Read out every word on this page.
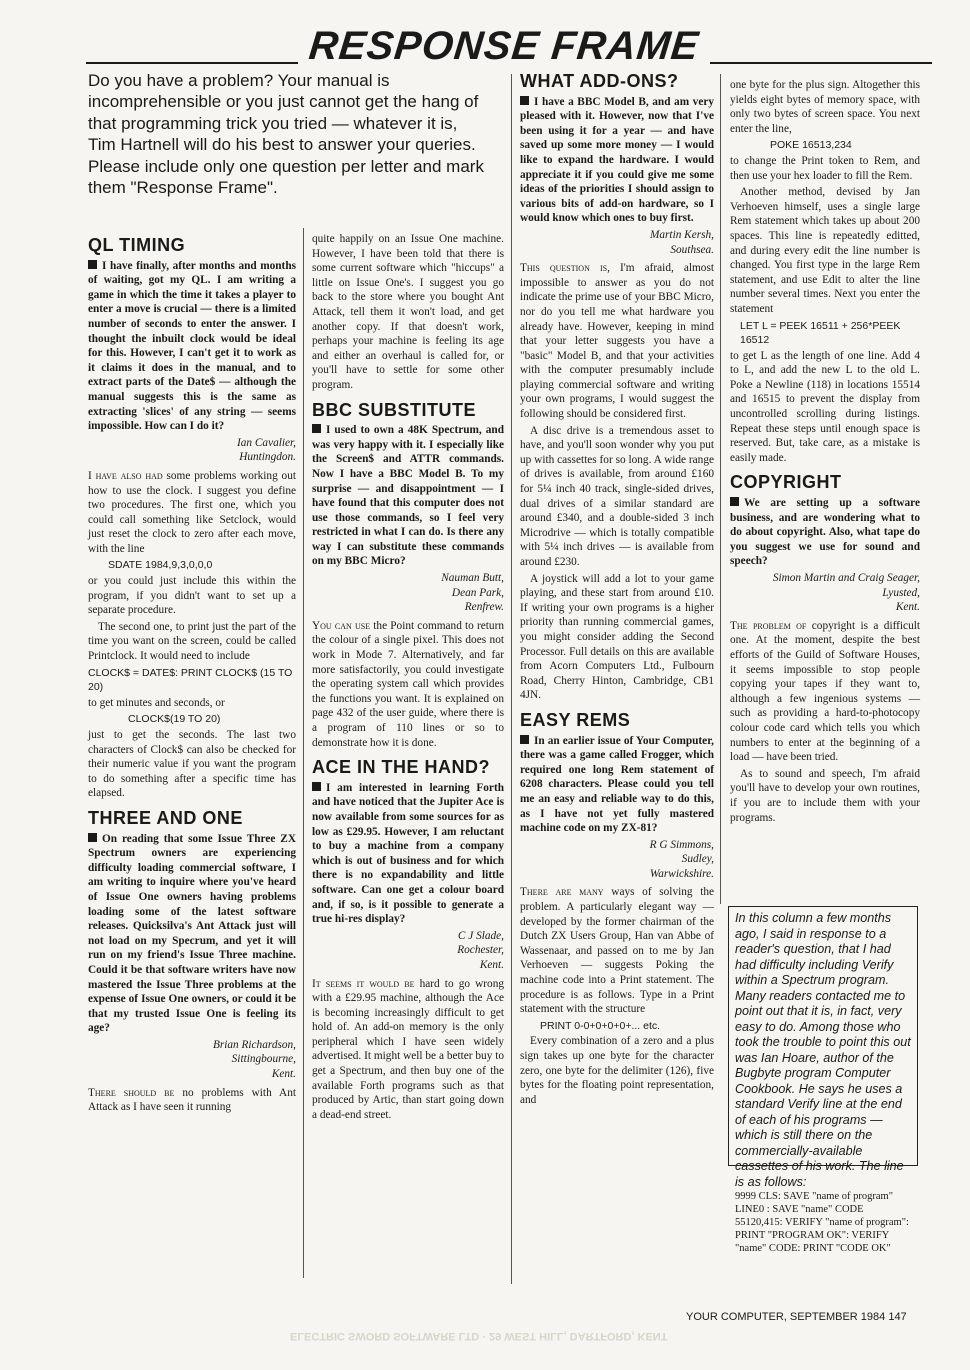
RESPONSE FRAME
Do you have a problem? Your manual is incomprehensible or you just cannot get the hang of that programming trick you tried — whatever it is, Tim Hartnell will do his best to answer your queries. Please include only one question per letter and mark them "Response Frame".
QL TIMING

I have finally, after months and months of waiting, got my QL. I am writing a game in which the time it takes a player to enter a move is crucial — there is a limited number of seconds to enter the answer. I thought the inbuilt clock would be ideal for this. However, I can't get it to work as it claims it does in the manual, and to extract parts of the Date$ — although the manual suggests this is the same as extracting 'slices' of any string — seems impossible. How can I do it?

Ian Cavalier,
Huntingdon.

I have also had some problems working out how to use the clock. I suggest you define two procedures. The first one, which you could call something like Setclock, would just reset the clock to zero after each move, with the line

SDATE 1984,9,3,0,0,0

or you could just include this within the program, if you didn't want to set up a separate procedure.

The second one, to print just the part of the time you want on the screen, could be called Printclock. It would need to include

CLOCK$ = DATE$: PRINT CLOCK$ (15 TO 20)

to get minutes and seconds, or

CLOCK$(19 TO 20)

just to get the seconds. The last two characters of Clock$ can also be checked for their numeric value if you want the program to do something after a specific time has elapsed.

THREE AND ONE

On reading that some Issue Three ZX Spectrum owners are experiencing difficulty loading commercial software, I am writing to inquire where you've heard of Issue One owners having problems loading some of the latest software releases. Quicksilva's Ant Attack just will not load on my Specrum, and yet it will run on my friend's Issue Three machine. Could it be that software writers have now mastered the Issue Three problems at the expense of Issue One owners, or could it be that my trusted Issue One is feeling its age?

Brian Richardson,
Sittingbourne,
Kent.

There should be no problems with Ant Attack as I have seen it running

quite happily on an Issue One machine. However, I have been told that there is some current software which "hiccups" a little on Issue One's. I suggest you go back to the store where you bought Ant Attack, tell them it won't load, and get another copy. If that doesn't work, perhaps your machine is feeling its age and either an overhaul is called for, or you'll have to settle for some other program.

BBC SUBSTITUTE

I used to own a 48K Spectrum, and was very happy with it. I especially like the Screen$ and ATTR commands. Now I have a BBC Model B. To my surprise — and disappointment — I have found that this computer does not use those commands, so I feel very restricted in what I can do. Is there any way I can substitute these commands on my BBC Micro?

Nauman Butt,
Dean Park,
Renfrew.

You can use the Point command to return the colour of a single pixel. This does not work in Mode 7. Alternatively, and far more satisfactorily, you could investigate the operating system call which provides the functions you want. It is explained on page 432 of the user guide, where there is a program of 110 lines or so to demonstrate how it is done.

ACE IN THE HAND?

I am interested in learning Forth and have noticed that the Jupiter Ace is now available from some sources for as low as £29.95. However, I am reluctant to buy a machine from a company which is out of business and for which there is no expandability and little software. Can one get a colour board and, if so, is it possible to generate a true hi-res display?

C J Slade,
Rochester,
Kent.

It seems it would be hard to go wrong with a £29.95 machine, although the Ace is becoming increasingly difficult to get hold of. An add-on memory is the only peripheral which I have seen widely advertised. It might well be a better buy to get a Spectrum, and then buy one of the available Forth programs such as that produced by Artic, than start going down a dead-end street.

WHAT ADD-ONS?

I have a BBC Model B, and am very pleased with it. However, now that I've been using it for a year — and have saved up some more money — I would like to expand the hardware. I would appreciate it if you could give me some ideas of the priorities I should assign to various bits of add-on hardware, so I would know which ones to buy first.

Martin Kersh,
Southsea.

This question is, I'm afraid, almost impossible to answer as you do not indicate the prime use of your BBC Micro, nor do you tell me what hardware you already have. However, keeping in mind that your letter suggests you have a "basic" Model B, and that your activities with the computer presumably include playing commercial software and writing your own programs, I would suggest the following should be considered first.

A disc drive is a tremendous asset to have, and you'll soon wonder why you put up with cassettes for so long. A wide range of drives is available, from around £160 for 5¼ inch 40 track, single-sided drives, dual drives of a similar standard are around £340, and a double-sided 3 inch Microdrive — which is totally compatible with 5¼ inch drives — is available from around £230.

A joystick will add a lot to your game playing, and these start from around £10. If writing your own programs is a higher priority than running commercial games, you might consider adding the Second Processor. Full details on this are available from Acorn Computers Ltd., Fulbourn Road, Cherry Hinton, Cambridge, CB1 4JN.

EASY REMS

In an earlier issue of Your Computer, there was a game called Frogger, which required one long Rem statement of 6208 characters. Please could you tell me an easy and reliable way to do this, as I have not yet fully mastered machine code on my ZX-81?

R G Simmons,
Sudley,
Warwickshire.

There are many ways of solving the problem. A particularly elegant way — developed by the former chairman of the Dutch ZX Users Group, Han van Abbe of Wassenaar, and passed on to me by Jan Verhoeven — suggests Poking the machine code into a Print statement. The procedure is as follows. Type in a Print statement with the structure

PRINT 0-0+0+0+0+... etc.

Every combination of a zero and a plus sign takes up one byte for the character zero, one byte for the delimiter (126), five bytes for the floating point representation, and

one byte for the plus sign. Altogether this yields eight bytes of memory space, with only two bytes of screen space. You next enter the line,

POKE 16513,234

to change the Print token to Rem, and then use your hex loader to fill the Rem.

Another method, devised by Jan Verhoeven himself, uses a single large Rem statement which takes up about 200 spaces. This line is repeatedly editted, and during every edit the line number is changed. You first type in the large Rem statement, and use Edit to alter the line number several times. Next you enter the statement

LET L = PEEK 16511 + 256*PEEK 16512

to get L as the length of one line. Add 4 to L, and add the new L to the old L. Poke a Newline (118) in locations 15514 and 16515 to prevent the display from uncontrolled scrolling during listings. Repeat these steps until enough space is reserved. But, take care, as a mistake is easily made.

COPYRIGHT

We are setting up a software business, and are wondering what to do about copyright. Also, what tape do you suggest we use for sound and speech?

Simon Martin and Craig Seager,
Lyusted,
Kent.

The problem of copyright is a difficult one. At the moment, despite the best efforts of the Guild of Software Houses, it seems impossible to stop people copying your tapes if they want to, although a few ingenious systems — such as providing a hard-to-photocopy colour code card which tells you which numbers to enter at the beginning of a load — have been tried.

As to sound and speech, I'm afraid you'll have to develop your own routines, if you are to include them with your programs.

In this column a few months ago, I said in response to a reader's question, that I had had difficulty including Verify within a Spectrum program. Many readers contacted me to point out that it is, in fact, very easy to do. Among those who took the trouble to point this out was Ian Hoare, author of the Bugbyte program Computer Cookbook. He says he uses a standard Verify line at the end of each of his programs — which is still there on the commercially-available cassettes of his work. The line is as follows:
9999 CLS: SAVE "name of program" LINE0 : SAVE "name" CODE 55120,415: VERIFY "name of program": PRINT "PROGRAM OK": VERIFY "name" CODE: PRINT "CODE OK"
YOUR COMPUTER, SEPTEMBER 1984 147
ELECTRIC SWORD SOFTWARE LTD · 29 WEST HILL, DARTFORD, KENT
